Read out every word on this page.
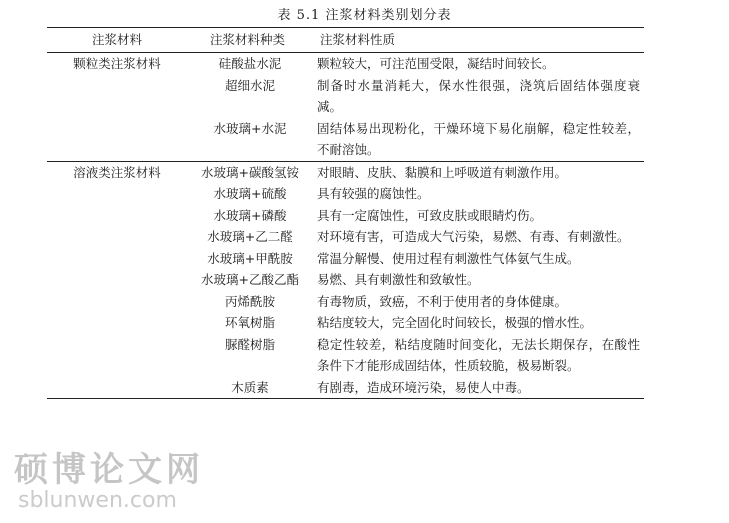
表 5.1 注浆材料类别划分表
注浆材料	注浆材料种类	注浆材料性质
颗粒类注浆材料	硅酸盐水泥	颗粒较大，可注范围受限，凝结时间较长。
	超细水泥	制备时水量消耗大，保水性很强，浇筑后固结体强度衰减。
	水玻璃+水泥	固结体易出现粉化，干燥环境下易化崩解，稳定性较差，不耐溶蚀。
溶液类注浆材料	水玻璃+碳酸氢铵	对眼睛、皮肤、黏膜和上呼吸道有刺激作用。
	水玻璃+硫酸	具有较强的腐蚀性。
	水玻璃+磷酸	具有一定腐蚀性，可致皮肤或眼睛灼伤。
	水玻璃+乙二醛	对环境有害，可造成大气污染，易燃、有毒、有刺激性。
	水玻璃+甲酰胺	常温分解慢、使用过程有刺激性气体氨气生成。
	水玻璃+乙酸乙酯	易燃、具有刺激性和致敏性。
	丙烯酰胺	有毒物质，致癌，不利于使用者的身体健康。
	环氧树脂	粘结度较大，完全固化时间较长，极强的憎水性。
	脲醛树脂	稳定性较差，粘结度随时间变化，无法长期保存，在酸性条件下才能形成固结体，性质较脆，极易断裂。
	木质素	有剧毒，造成环境污染，易使人中毒。
硕博论文网
sblunwen.com
